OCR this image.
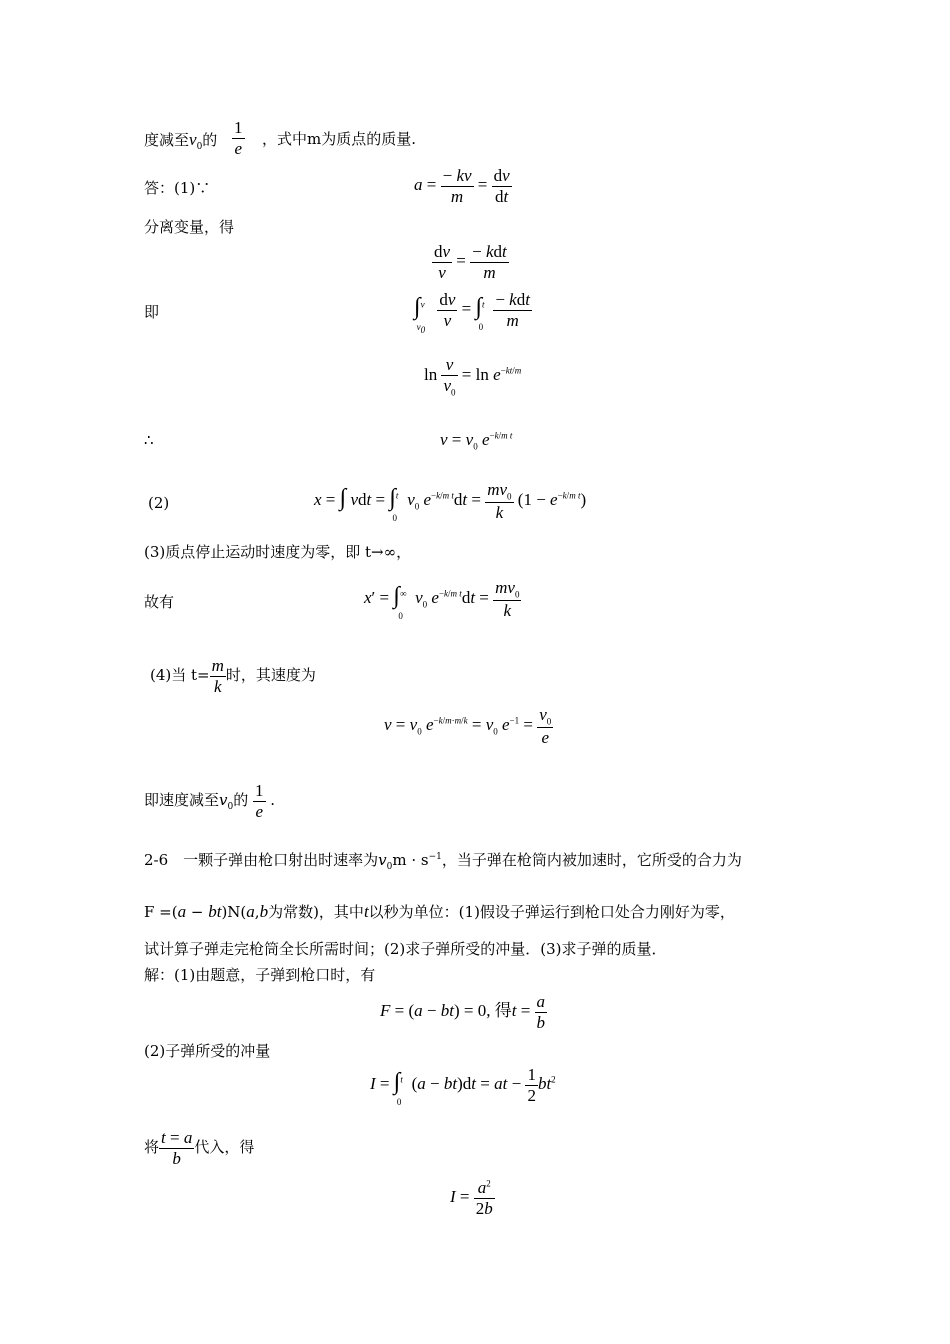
度减至$v_0$的 $\frac{1}{e}$ ，式中m为质点的质量.
答：(1)∵	$a = \frac{- kv}{m} = \frac{dv}{dt}$
分离变量，得
$\frac{dv}{v} = \frac{\text{− kdt}}{m}$
即	∫$^v_{v_0}$
$\frac{dv}{v} = \int^t_0 \frac{\text{− kdt}}{m}$
$\ln \frac{v}{v_0} = \ln e^{-kt/m}$
∴	$v = v_0$ $e^{-k/m t}$
(2)	x = ∫ vdt = ∫$^t_0$ $v_0$ $e^{-k/m t}dt = \frac{mv_0}{k} (1 - e^{-k/m t})$
(3)质点停止运动时速度为零，即 t→∞，
故有	$x' = \int^\infty_0$ $v_0$ $e^{-k/m t}dt = \frac{mv_0}{k}$
(4)当 $t= \frac{m}{k}$ 时，其速度为
$v = v_0$ $e^{-k/m\cdot m/k} = v_0$ $e^{-1} = \frac{v_0}{e}$
即速度减至$v_0$的 $\frac{1}{e}$ .
2-6　一颗子弹由枪口射出时速率为$v_0m \cdot s^{-1}$，当子弹在枪筒内被加速时，它所受的合力为
F =(a − bt)N(a,b为常数)，其中t以秒为单位：(1)假设子弹运行到枪口处合力刚好为零，
试计算子弹走完枪筒全长所需时间；(2)求子弹所受的冲量．(3)求子弹的质量．
解：(1)由题意，子弹到枪口时，有
F = (a − bt) = 0, 得$t = \frac{a}{b}$
(2)子弹所受的冲量
I = ∫$^t_0$ (a − bt)dt = at − $\frac{1}{2} bt^2$
将 $\frac{t = a}{b}$ 代入，得
$I = \frac{a^2}{2b}$
